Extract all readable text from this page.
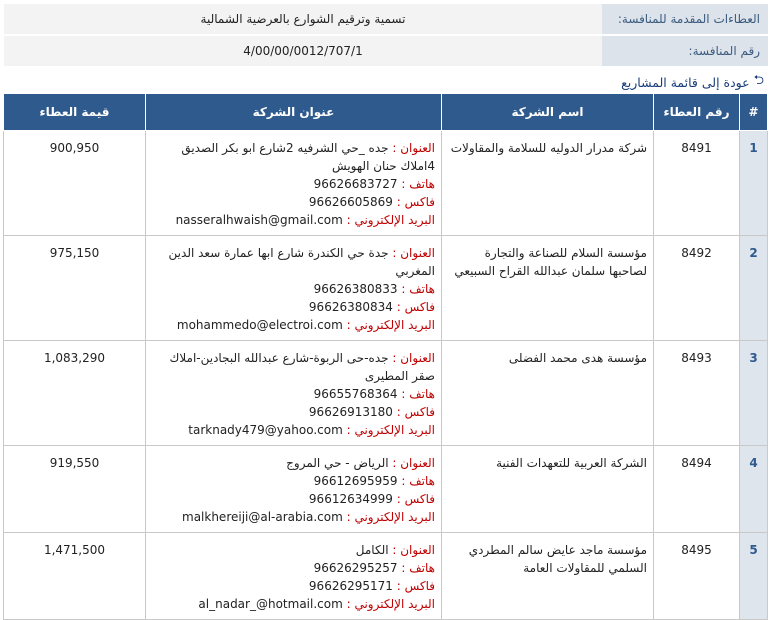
العطاءات المقدمة للمنافسة:	تسمية وترقيم الشوارع بالعرضية الشمالية
رقم المنافسة:	4/00/00/0012/707/1
⮌
عودة إلى قائمة المشاريع
#	رقم العطاء	اسم الشركة	عنوان الشركة	قيمة العطاء
1	8491	شركة مدرار الدوليه للسلامة والمقاولات	العنوان : جده _حي الشرفيه 2شارع ابو بكر الصديق 4املاك حنان الهويش
هاتف : 96626683727
فاكس : 96626605869
البريد الإلكتروني : nasseralhwaish@gmail.com	900,950
2	8492	مؤسسة السلام للصناعة والتجارة لصاحبها سلمان عبدالله القراح السبيعي	العنوان : جدة حي الكندرة شارع ابها عمارة سعد الدين المغربي
هاتف : 96626380833
فاكس : 96626380834
البريد الإلكتروني : mohammedo@electroi.com	975,150
3	8493	مؤسسة هدى محمد الفضلى	العنوان : جده-حى الربوة-شارع عبدالله البجادين-املاك صقر المطيرى
هاتف : 96655768364
فاكس : 96626913180
البريد الإلكتروني : tarknady479@yahoo.com	1,083,290
4	8494	الشركة العربية للتعهدات الفنية	العنوان : الرياض - حي المروج
هاتف : 96612695959
فاكس : 96612634999
البريد الإلكتروني : malkhereiji@al-arabia.com	919,550
5	8495	مؤسسة ماجد عايض سالم المطردي السلمي للمقاولات العامة	العنوان : الكامل
هاتف : 96626295257
فاكس : 96626295171
البريد الإلكتروني : al_nadar_@hotmail.com	1,471,500
